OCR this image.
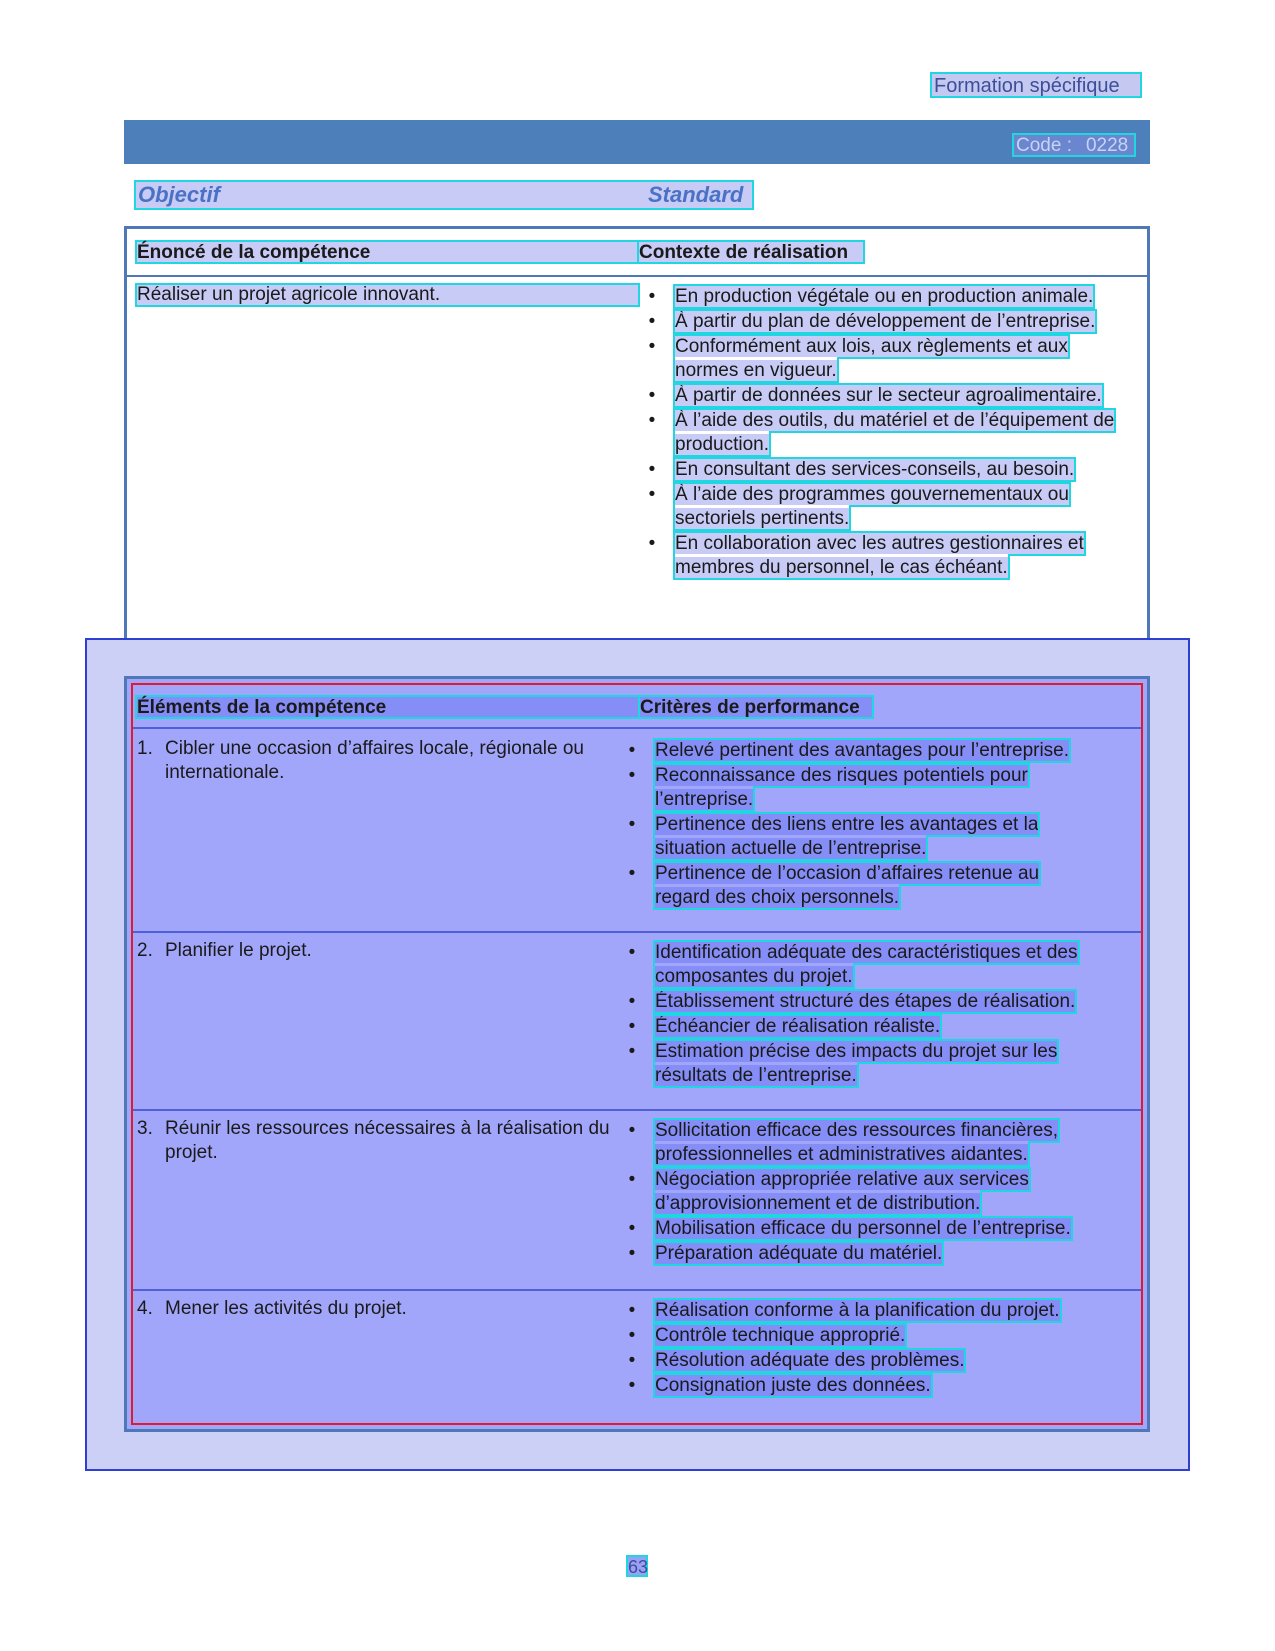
Formation spécifique
Code : 0228
Objectif	Standard
Énoncé de la compétence	Contexte de réalisation
Réaliser un projet agricole innovant.	• En production végétale ou en production animale.
• À partir du plan de développement de l’entreprise.
• Conformément aux lois, aux règlements et aux normes en vigueur.
• À partir de données sur le secteur agroalimentaire.
• À l’aide des outils, du matériel et de l’équipement de production.
• En consultant des services-conseils, au besoin.
• À l’aide des programmes gouvernementaux ou sectoriels pertinents.
• En collaboration avec les autres gestionnaires et membres du personnel, le cas échéant.
Éléments de la compétence	Critères de performance
1. Cibler une occasion d’affaires locale, régionale ou internationale.
• Relevé pertinent des avantages pour l’entreprise.
• Reconnaissance des risques potentiels pour l’entreprise.
• Pertinence des liens entre les avantages et la situation actuelle de l’entreprise.
• Pertinence de l’occasion d’affaires retenue au regard des choix personnels.
2. Planifier le projet.	• Identification adéquate des caractéristiques et des composantes du projet.
• Établissement structuré des étapes de réalisation.
• Échéancier de réalisation réaliste.
• Estimation précise des impacts du projet sur les résultats de l’entreprise.
3. Réunir les ressources nécessaires à la réalisation du projet.
• Sollicitation efficace des ressources financières, professionnelles et administratives aidantes.
• Négociation appropriée relative aux services d’approvisionnement et de distribution.
• Mobilisation efficace du personnel de l’entreprise.
• Préparation adéquate du matériel.
4. Mener les activités du projet.	• Réalisation conforme à la planification du projet.
• Contrôle technique approprié.
• Résolution adéquate des problèmes.
• Consignation juste des données.
63
